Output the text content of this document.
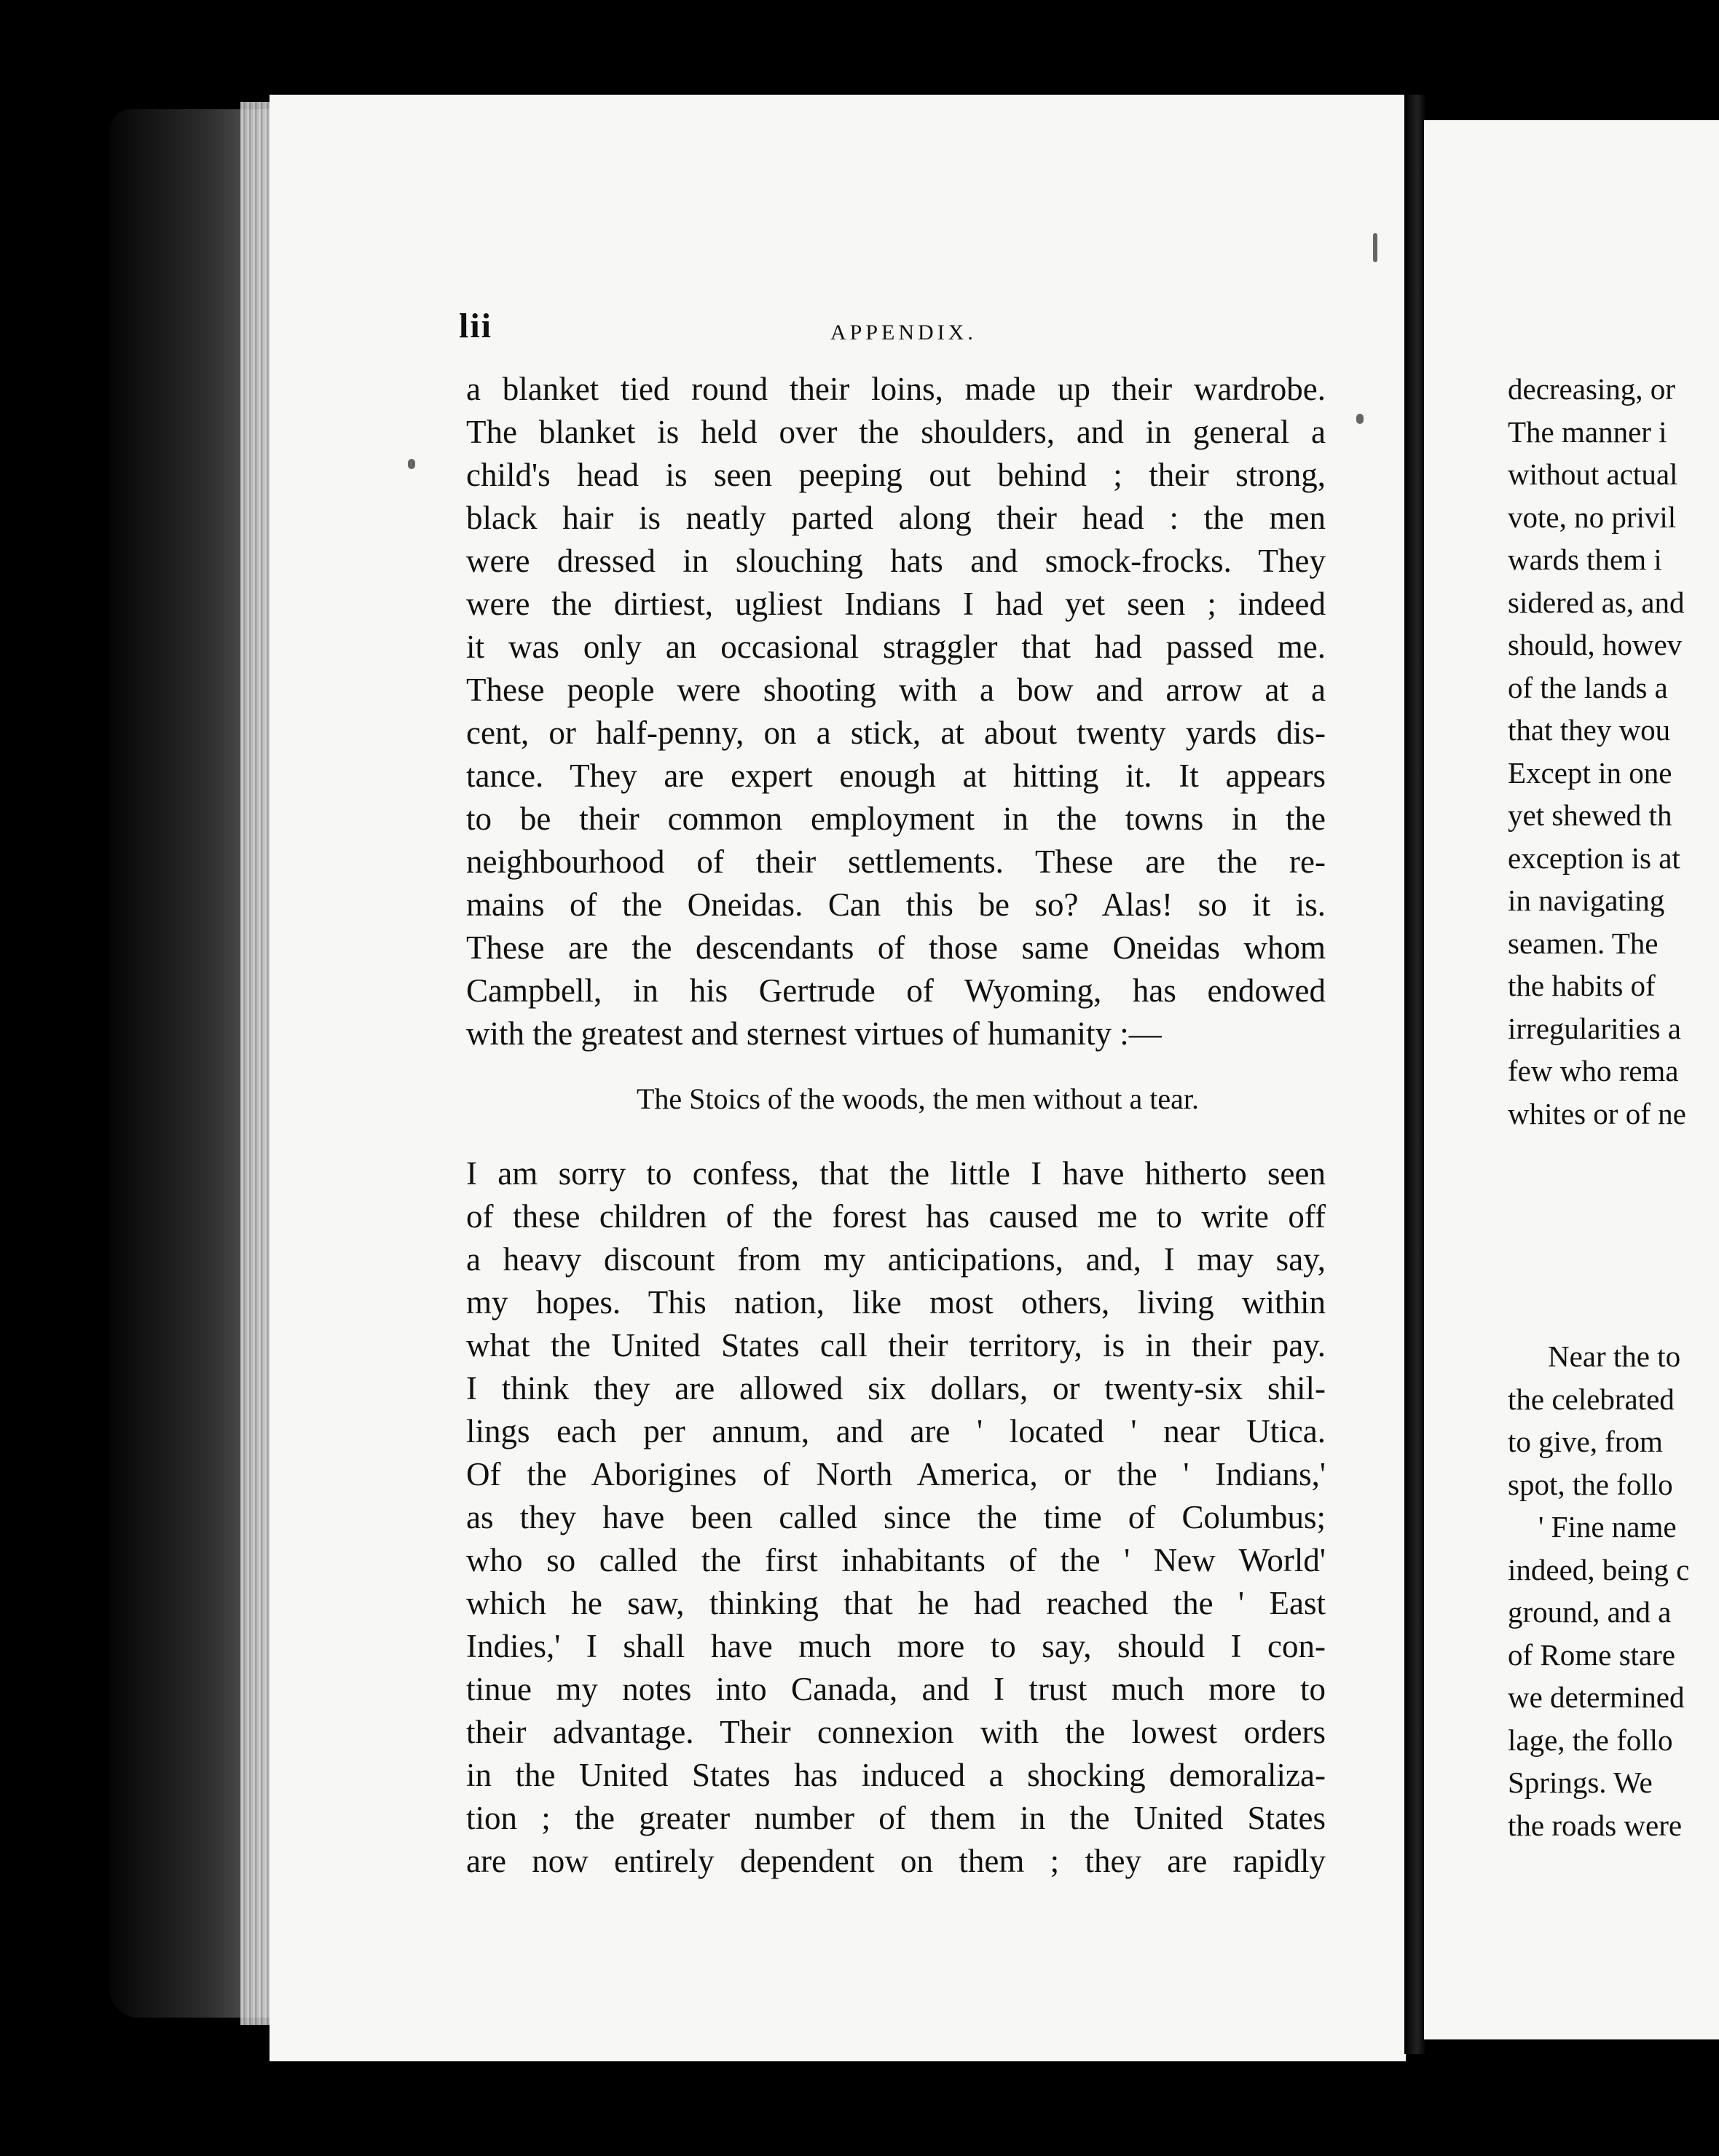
lii	APPENDIX.
a blanket tied round their loins, made up their wardrobe.
The blanket is held over the shoulders, and in general a
child's head is seen peeping out behind ; their strong,
black hair is neatly parted along their head : the men
were dressed in slouching hats and smock-frocks. They
were the dirtiest, ugliest Indians I had yet seen ; indeed
it was only an occasional straggler that had passed me.
These people were shooting with a bow and arrow at a
cent, or half-penny, on a stick, at about twenty yards dis-
tance. They are expert enough at hitting it. It appears
to be their common employment in the towns in the
neighbourhood of their settlements. These are the re-
mains of the Oneidas. Can this be so? Alas! so it is.
These are the descendants of those same Oneidas whom
Campbell, in his Gertrude of Wyoming, has endowed
with the greatest and sternest virtues of humanity :—
The Stoics of the woods, the men without a tear.
I am sorry to confess, that the little I have hitherto seen
of these children of the forest has caused me to write off
a heavy discount from my anticipations, and, I may say,
my hopes. This nation, like most others, living within
what the United States call their territory, is in their pay.
I think they are allowed six dollars, or twenty-six shil-
lings each per annum, and are ' located ' near Utica.
Of the Aborigines of North America, or the ' Indians,'
as they have been called since the time of Columbus;
who so called the first inhabitants of the ' New World'
which he saw, thinking that he had reached the ' East
Indies,' I shall have much more to say, should I con-
tinue my notes into Canada, and I trust much more to
their advantage. Their connexion with the lowest orders
in the United States has induced a shocking demoraliza-
tion ; the greater number of them in the United States
are now entirely dependent on them ; they are rapidly
decreasing, or
The manner i
without actual
vote, no privil
wards them i
sidered as, and
should, howev
of the lands a
that they wou
Except in one
yet shewed th
exception is at
in navigating
seamen. The
the habits of
irregularities a
few who rema
whites or of ne
Near the to
the celebrated
to give, from
spot, the follo
' Fine name
indeed, being c
ground, and a
of Rome stare
we determined
lage, the follo
Springs. We
the roads were
